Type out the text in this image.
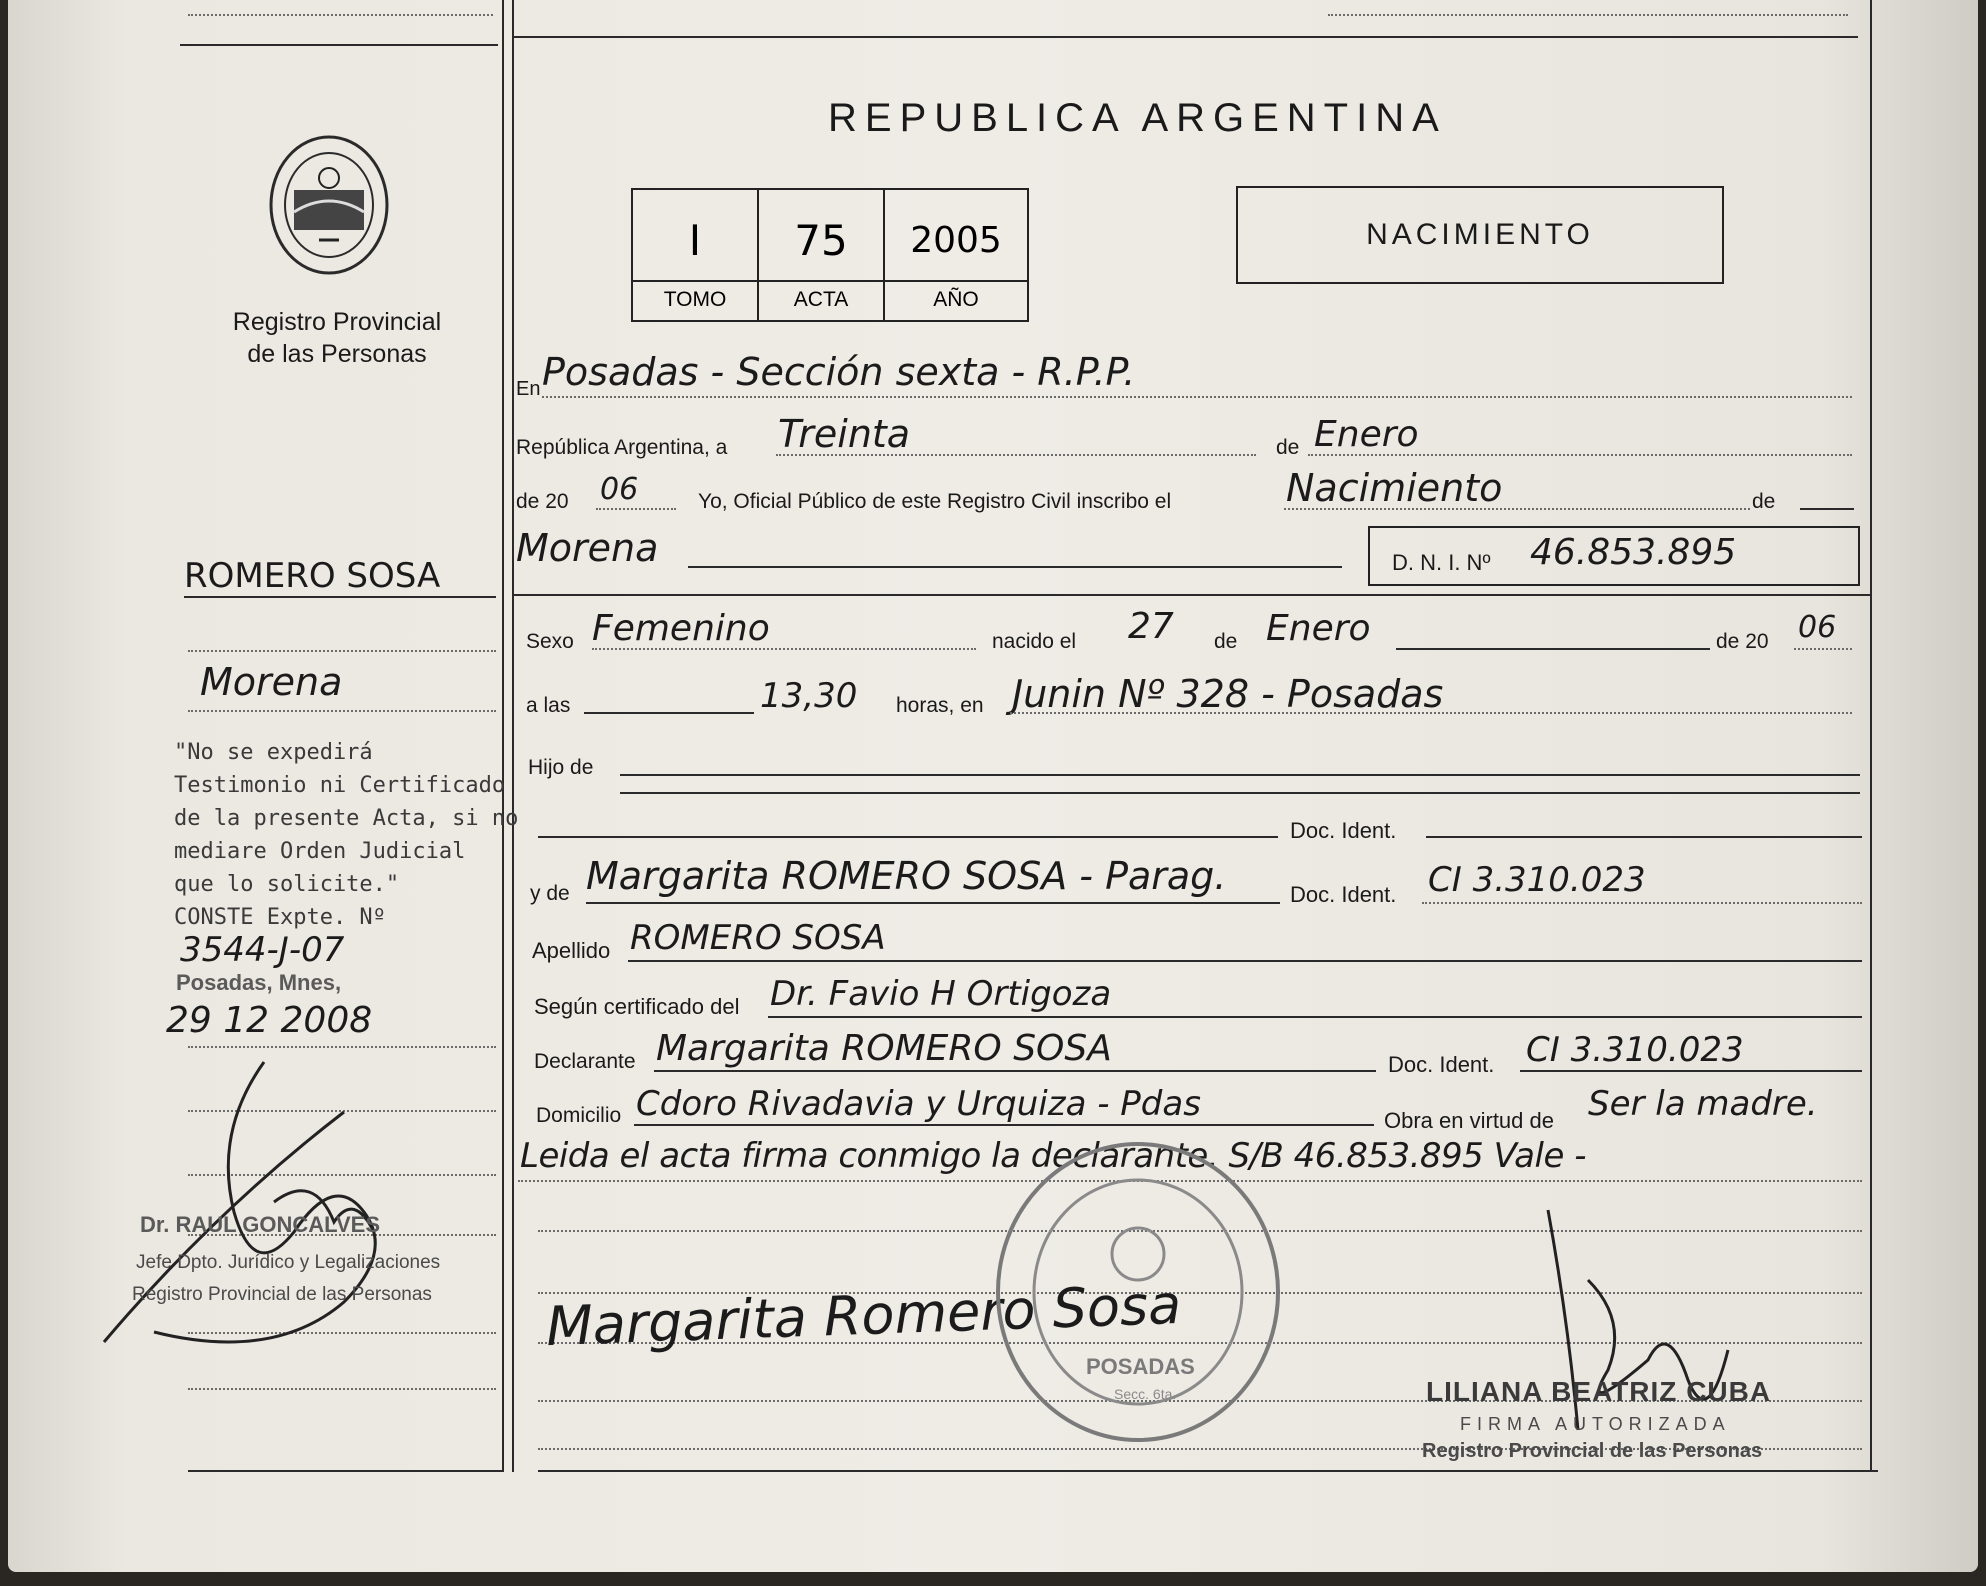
Registro Provincial
de las Personas
REPUBLICA ARGENTINA
I	75	2005
TOMO	ACTA	AÑO
NACIMIENTO
En Posadas - Sección sexta - R.P.P.
República Argentina, a Treinta	de Enero
de 20 06	Yo, Oficial Público de este Registro Civil inscribo el	Nacimiento	de
Morena	D. N. I. Nº 46.853.895
Sexo Femenino	nacido el 27 de Enero	de 20 06
a las	13,30 horas, en Junin Nº 328 - Posadas
Hijo de
Doc. Ident.
y de Margarita ROMERO SOSA - Parag.	Doc. Ident. CI 3.310.023
Apellido ROMERO SOSA
Según certificado del Dr. Favio H Ortigoza
Declarante Margarita ROMERO SOSA	Doc. Ident. CI 3.310.023
Domicilio Cdoro Rivadavia y Urquiza - Pdas	Obra en virtud de Ser la madre.
Leida el acta firma conmigo la declarante. S/B 46.853.895 Vale -
Margarita Romero Sosa
POSADAS
Secc. 6ta.	LILIANA BEATRIZ CUBA
FIRMA AUTORIZADA
Registro Provincial de las Personas
ROMERO SOSA
Morena
"No se expedirá
Testimonio ni Certificado
de la presente Acta, si no
mediare Orden Judicial
que lo solicite."
CONSTE Expte. Nº
3544-J-07
Posadas, Mnes,
29 12 2008
Dr. RAUL GONCALVES
Jefe Dpto. Jurídico y Legalizaciones
Registro Provincial de las Personas
